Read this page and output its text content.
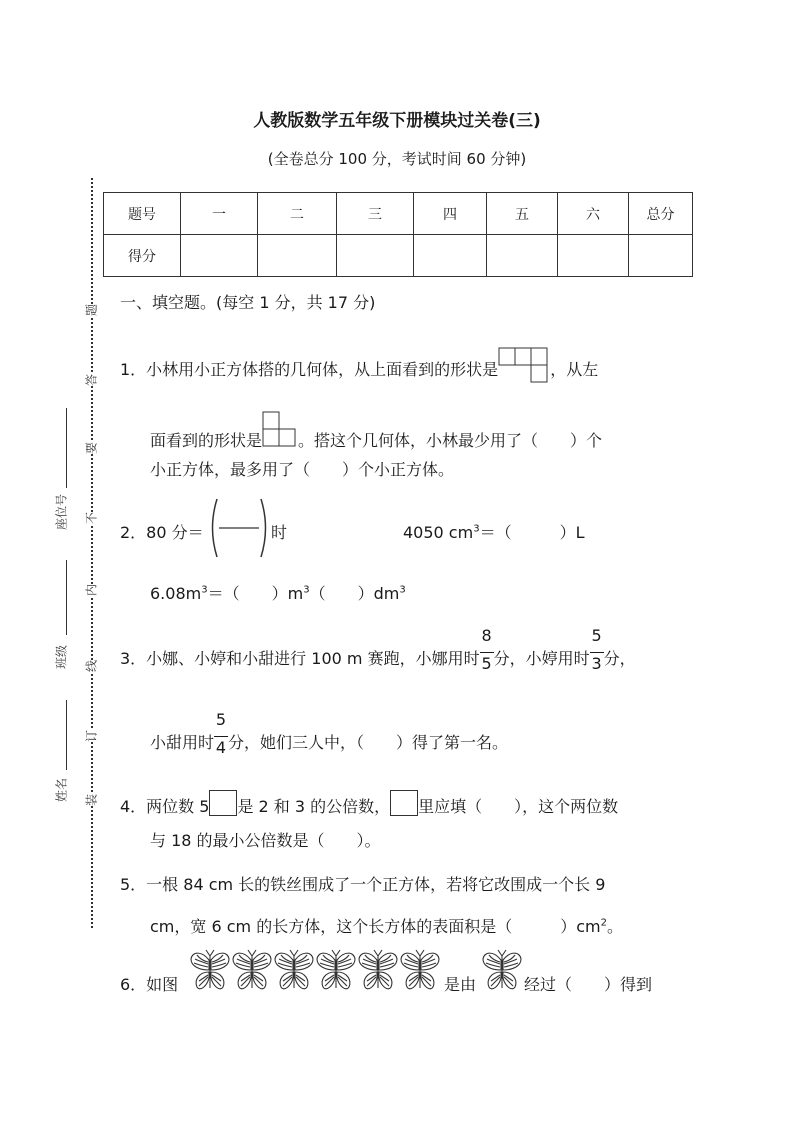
人教版数学五年级下册模块过关卷(三)
(全卷总分 100 分，考试时间 60 分钟)
姓名
班级
座位号
装
订
线
内
不
要
答
题
题号	一	二	三	四	五	六	总分
得分							
一、填空题。(每空 1 分，共 17 分)
1．小林用小正方体搭的几何体，从上面看到的形状是	，从左
面看到的形状是 。搭这个几何体，小林最少用了（　　）个
小正方体，最多用了（　　）个小正方体。
2．80 分＝	时	4050 $cm^3=$（　　　）L
$6.08m^3=$（　　）$m^3$（　　）$dm^3$
3．小娜、小婷和小甜进行 100 m 赛跑，小娜用时 $\frac{8}{5}$ 分，小婷用时 $\frac{5}{3}$ 分，
小甜用时 $\frac{5}{4}$ 分，她们三人中，（　　）得了第一名。
4．两位数 5 是 2 和 3 的公倍数， 里应填（　　），这个两位数
与 18 的最小公倍数是（　　）。
5．一根 84 cm 长的铁丝围成了一个正方体，若将它改围成一个长 9
cm，宽 6 cm 的长方体，这个长方体的表面积是（　　　）$cm^2$。
6．如图	是由	经过（　　）得到
